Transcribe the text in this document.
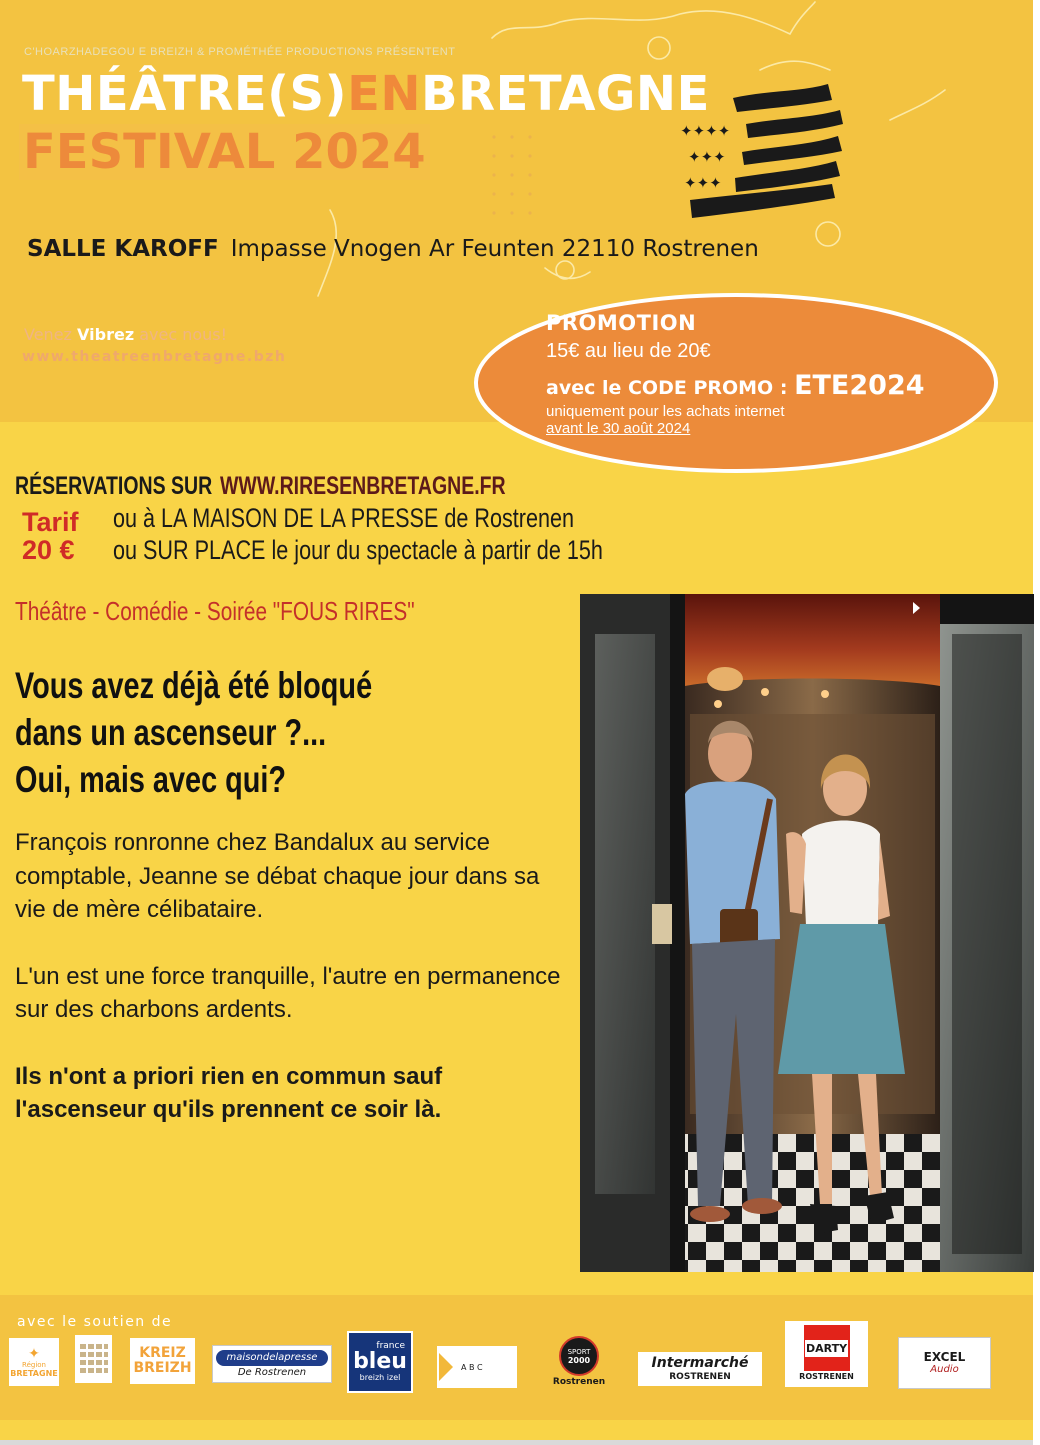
✦✦✦✦
✦✦✦
✦✦✦
C'HOARZHADEGOU E BREIZH & PROMÉTHÉE PRODUCTIONS PRÉSENTENT
THÉÂTRE(S)ENBRETAGNE
FESTIVAL 2024
SALLE KAROFF Impasse Vnogen Ar Feunten 22110 Rostrenen
Venez Vibrez avec nous!
www.theatreenbretagne.bzh
PROMOTION
15€ au lieu de 20€
avec le CODE PROMO : ETE2024
uniquement pour les achats internet
avant le 30 août 2024
RÉSERVATIONS SUR WWW.RIRESENBRETAGNE.FR
Tarif
20 €
ou à LA MAISON DE LA PRESSE de Rostrenen
ou SUR PLACE le jour du spectacle à partir de 15h
Théâtre - Comédie - Soirée "FOUS RIRES"
Vous avez déjà été bloqué
dans un ascenseur ?...
Oui, mais avec qui?

François ronronne chez Bandalux au service comptable, Jeanne se débat chaque jour dans sa vie de mère célibataire.

L'un est une force tranquille, l'autre en permanence sur des charbons ardents.

Ils n'ont a priori rien en commun sauf l'ascenseur qu'ils prennent ce soir là.

avec le soutien de
✦
Région
BRETAGNE
KREIZ
BREIZH
maisondelapresse
De Rostrenen
france
bleu
breizh izel
A B C
SPORT
2000
Rostrenen
Intermarché
ROSTRENEN
DARTY
ROSTRENEN
EXCEL
Audio
